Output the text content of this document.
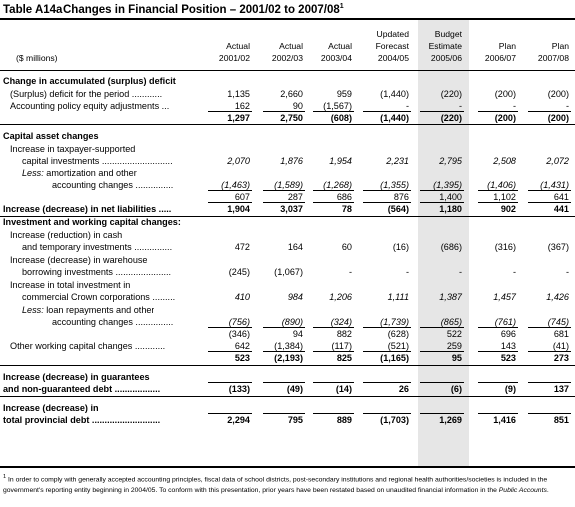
Table A14aChanges in Financial Position – 2001/02 to $2007/08^1$
($ millions)
Actual
2001/02
Actual
2002/03
Actual
2003/04
Updated
Forecast
2004/05
Budget
Estimate
2005/06
Plan
2006/07
Plan
2007/08
Change in accumulated (surplus) deficit
(Surplus) deficit for the period ............	1,135	2,660	959	(1,440)	(220)	(200)	(200)
Accounting policy equity adjustments ...	162	90	(1,567)	-	-	-	-
1,297	2,750	(608)	(1,440)	(220)	(200)	(200)
Capital asset changes
Increase in taxpayer-supported
capital investments ............................	2,070	1,876	1,954	2,231	2,795	2,508	2,072
Less: amortization and other
accounting changes ...............	(1,463)	(1,589)	(1,268)	(1,355)	(1,395)	(1,406)	(1,431)
607	287	686	876	1,400	1,102	641
Increase (decrease) in net liabilities .....	1,904	3,037	78	(564)	1,180	902	441
Investment and working capital changes:
Increase (reduction) in cash
and temporary investments ...............	472	164	60	(16)	(686)	(316)	(367)
Increase (decrease) in warehouse
borrowing investments ......................	(245)	(1,067)	-	-	-	-	-
Increase in total investment in
commercial Crown corporations .........	410	984	1,206	1,111	1,387	1,457	1,426
Less: loan repayments and other
accounting changes ...............	(756)	(890)	(324)	(1,739)	(865)	(761)	(745)
(346)	94	882	(628)	522	696	681
Other working capital changes ............	642	(1,384)	(117)	(521)	259	143	(41)
523	(2,193)	825	(1,165)	95	523	273
Increase (decrease) in guarantees
and non-guaranteed debt ..................	(133)	(49)	(14)	26	(6)	(9)	137
Increase (decrease) in
total provincial debt ...........................	2,294	795	889	(1,703)	1,269	1,416	851
$^1$ In order to comply with generally accepted accounting principles, fiscal data of school districts, post-secondary institutions and regional health authorities/societies is included in the government's reporting entity beginning in 2004/05. To conform with this presentation, prior years have been restated based on unaudited financial information in the Public Accounts.
